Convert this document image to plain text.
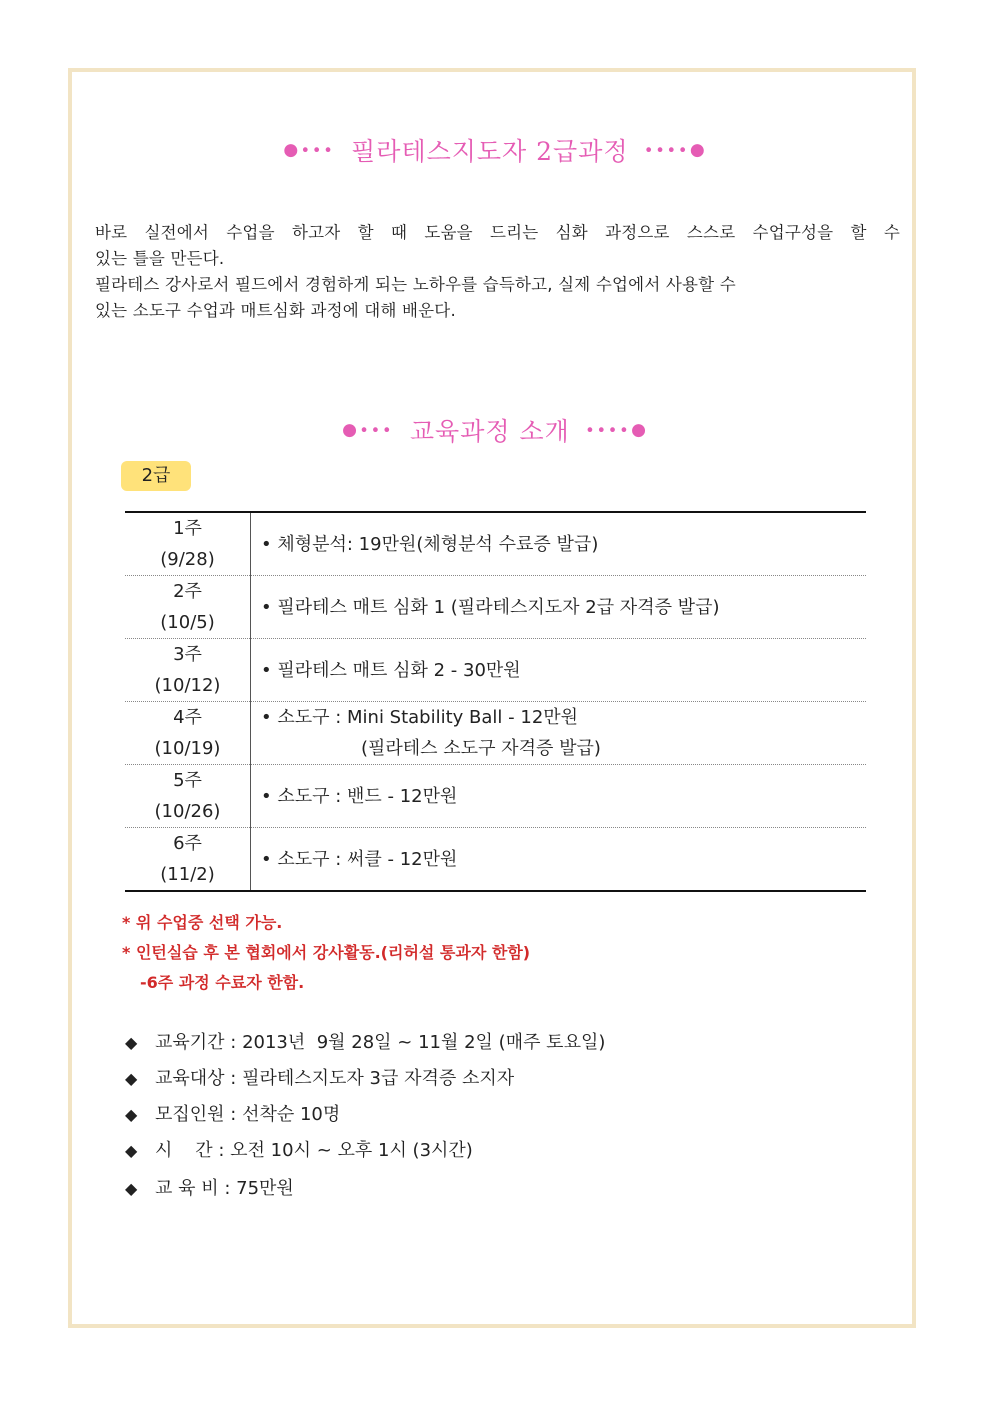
●∙∙∙ 필라테스지도자 2급과정 ∙∙∙∙●

바로 실전에서 수업을 하고자 할 때 도움을 드리는 심화 과정으로 스스로 수업구성을 할 수

있는 틀을 만든다.

필라테스 강사로서 필드에서 경험하게 되는 노하우를 습득하고, 실제 수업에서 사용할 수

있는 소도구 수업과 매트심화 과정에 대해 배운다.

●∙∙∙ 교육과정 소개 ∙∙∙∙●
2급
1주
(9/28)	• 체형분석: 19만원(체형분석 수료증 발급)
2주
(10/5)	• 필라테스 매트 심화 1 (필라테스지도자 2급 자격증 발급)
3주
(10/12)	• 필라테스 매트 심화 2 - 30만원
4주
(10/19)	• 소도구 : Mini Stability Ball - 12만원
(필라테스 소도구 자격증 발급)

5주
(10/26)	• 소도구 : 밴드 - 12만원
6주
(11/2)	• 소도구 : 써클 - 12만원
* 위 수업중 선택 가능.
* 인턴실습 후 본 협회에서 강사활동.(리허설 통과자 한함)
-6주 과정 수료자 한함.
◆ 교육기간 : 2013년  9월 28일 ~ 11월 2일 (매주 토요일)
◆ 교육대상 : 필라테스지도자 3급 자격증 소지자
◆ 모집인원 : 선착순 10명
◆ 시    간 : 오전 10시 ~ 오후 1시 (3시간)
◆ 교 육 비 : 75만원
